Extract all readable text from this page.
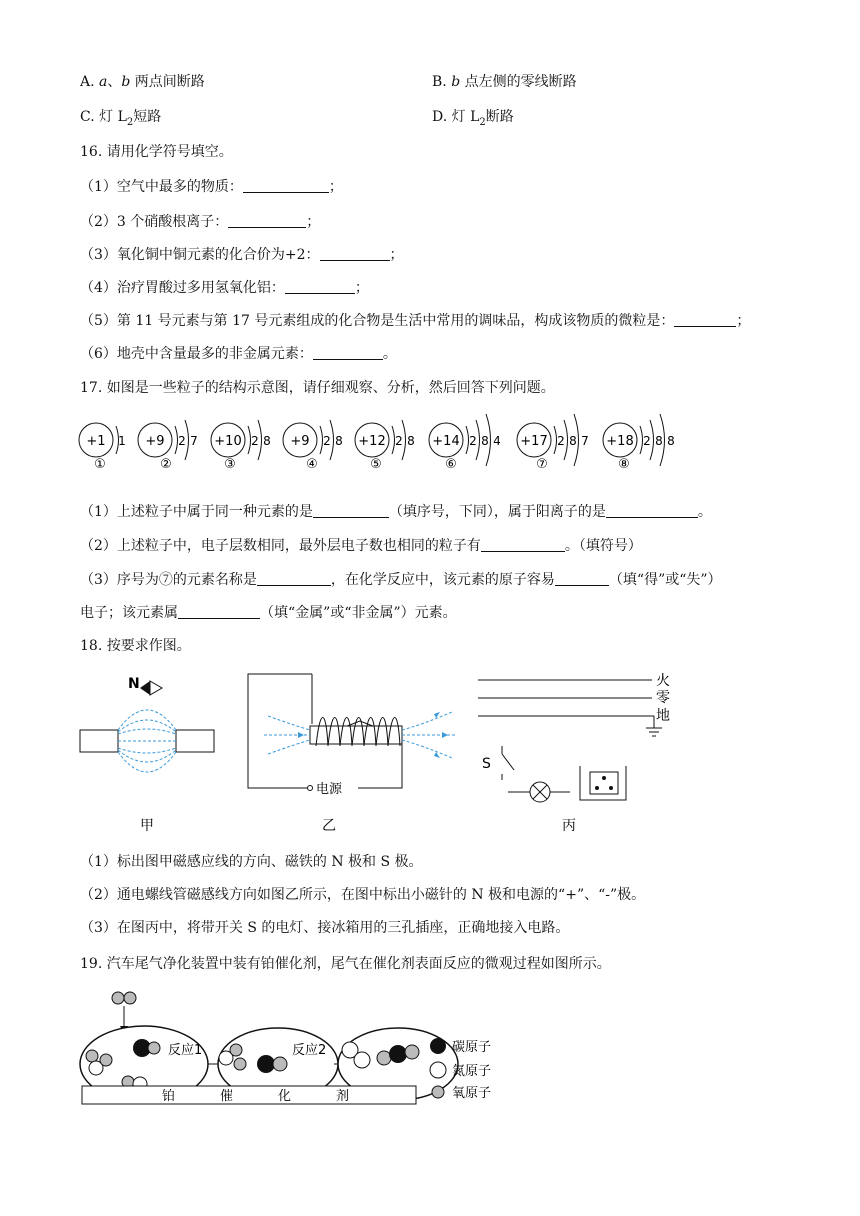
A. a、b 两点间断路	B. b 点左侧的零线断路
C. 灯 $L_2$短路	D. 灯 $L_2$断路
16. 请用化学符号填空。
（1）空气中最多的物质：	；
（2）3 个硝酸根离子：	；
（3）氧化铜中铜元素的化合价为+2：	；
（4）治疗胃酸过多用氢氧化铝：	；
（5）第 11 号元素与第 17 号元素组成的化合物是生活中常用的调味品，构成该物质的微粒是：	；
（6）地壳中含量最多的非金属元素：	。
17. 如图是一些粒子的结构示意图，请仔细观察、分析，然后回答下列问题。
+1 1
①
+9 2 7
②
+10 2 8
③
+9 2 8
④
+12 2 8
⑤
+14 2 8 4
⑥
+17 2 8 7
⑦
+18 2 8 8
⑧
（1）上述粒子中属于同一种元素的是	（填序号，下同），属于阳离子的是	。
（2）上述粒子中，电子层数相同，最外层电子数也相同的粒子有	。（填符号）
（3）序号为⑦的元素名称是	，在化学反应中，该元素的原子容易	（填“得”或“失”）
电子；该元素属	（填“金属”或“非金属”）元素。
18. 按要求作图。
N
甲
电源
乙
火
零
地
S
丙
（1）标出图甲磁感应线的方向、磁铁的 N 极和 S 极。
（2）通电螺线管磁感线方向如图乙所示，在图中标出小磁针的 N 极和电源的“+”、“-”极。
（3）在图丙中，将带开关 S 的电灯、接冰箱用的三孔插座，正确地接入电路。
19. 汽车尾气净化装置中装有铂催化剂，尾气在催化剂表面反应的微观过程如图所示。
反应1	反应2
铂	催	化	剂
碳原子
氮原子
氧原子
